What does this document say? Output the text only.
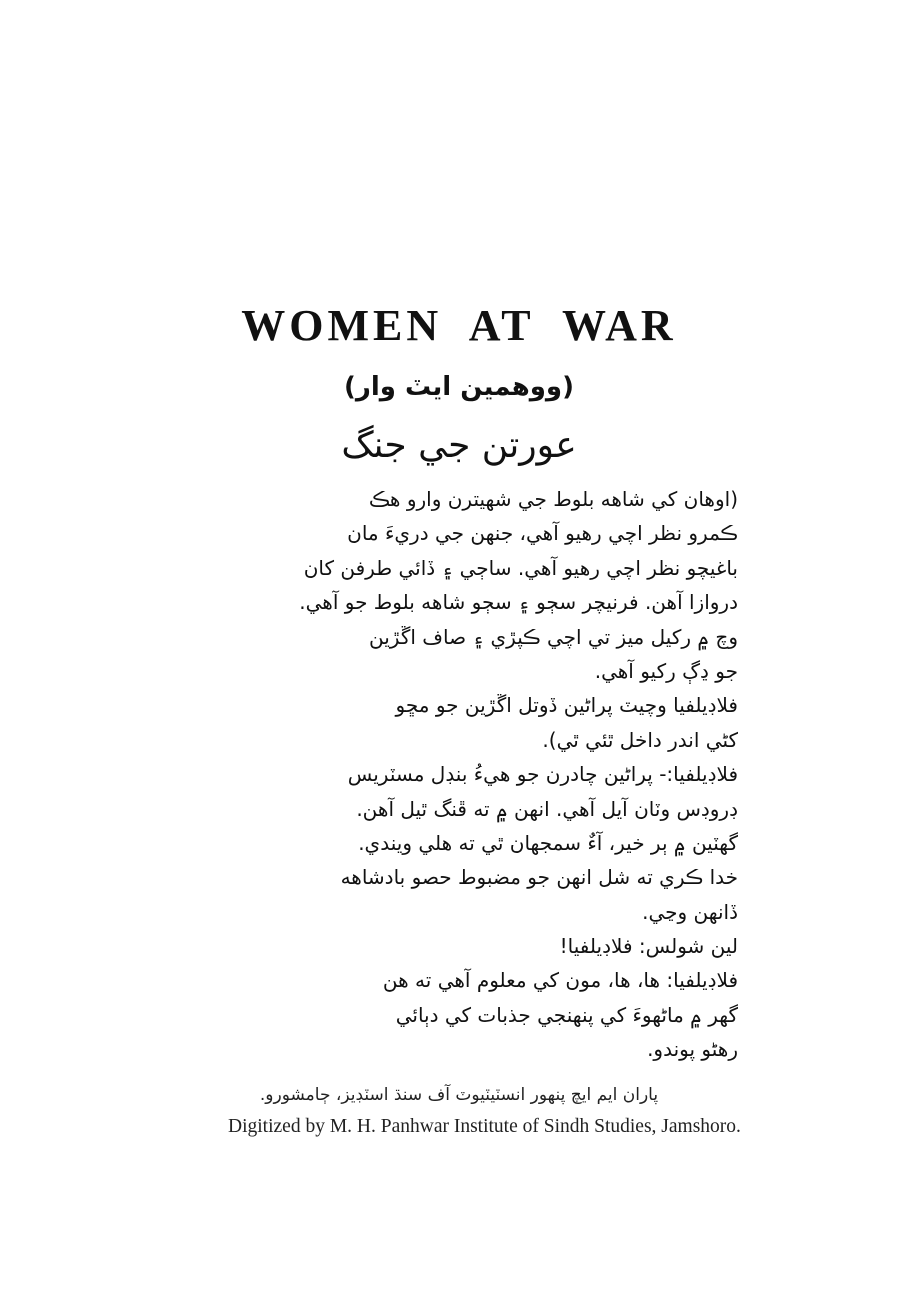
WOMEN AT WAR
(ووهمين ايٽ وار)
عورتن جي جنگ
(اوهان کي شاهه بلوط جي شهيترن وارو هڪ
ڪمرو نظر اچي رهيو آهي، جنهن جي دريءَ مان
باغيچو نظر اچي رهيو آهي. ساڄي ۽ ڏائي طرفن کان
دروازا آهن. فرنيچر سڄو ۽ سڄو شاهه بلوط جو آهي.
وچ ۾ رکيل ميز تي اچي ڪپڙي ۽ صاف اڱڙين
جو ڍڳ رکيو آهي.
فلاڊيلفيا وچيٽ پراڻين ڏوتل اڱڙين جو مڇو
کڻي اندر داخل ٿئي ٿي).
فلاڊيلفيا:- پراڻين چادرن جو هيءُ بنڊل مسٽريس
ڊروڊس وٽان آيل آهي. انهن ۾ ته ڦنگ ٿيل آهن.
گهٽين ۾ ٻر خير، آءٌ سمجهان ٿي ته هلي ويندي.
خدا ڪري ته شل انهن جو مضبوط حصو بادشاهه
ڏانهن وڃي.
لين شولس: فلاڊيلفيا!
فلاڊيلفيا: ها، ها، مون کي معلوم آهي ته هن
گهر ۾ ماڻهوءَ کي پنهنجي جذبات کي دٻائي
رهڻو پوندو.
پاران ايم ايچ پنهور انسٽيٽيوٽ آف سنڌ اسٽڊيز، ڄامشورو.
Digitized by M. H. Panhwar Institute of Sindh Studies, Jamshoro.
